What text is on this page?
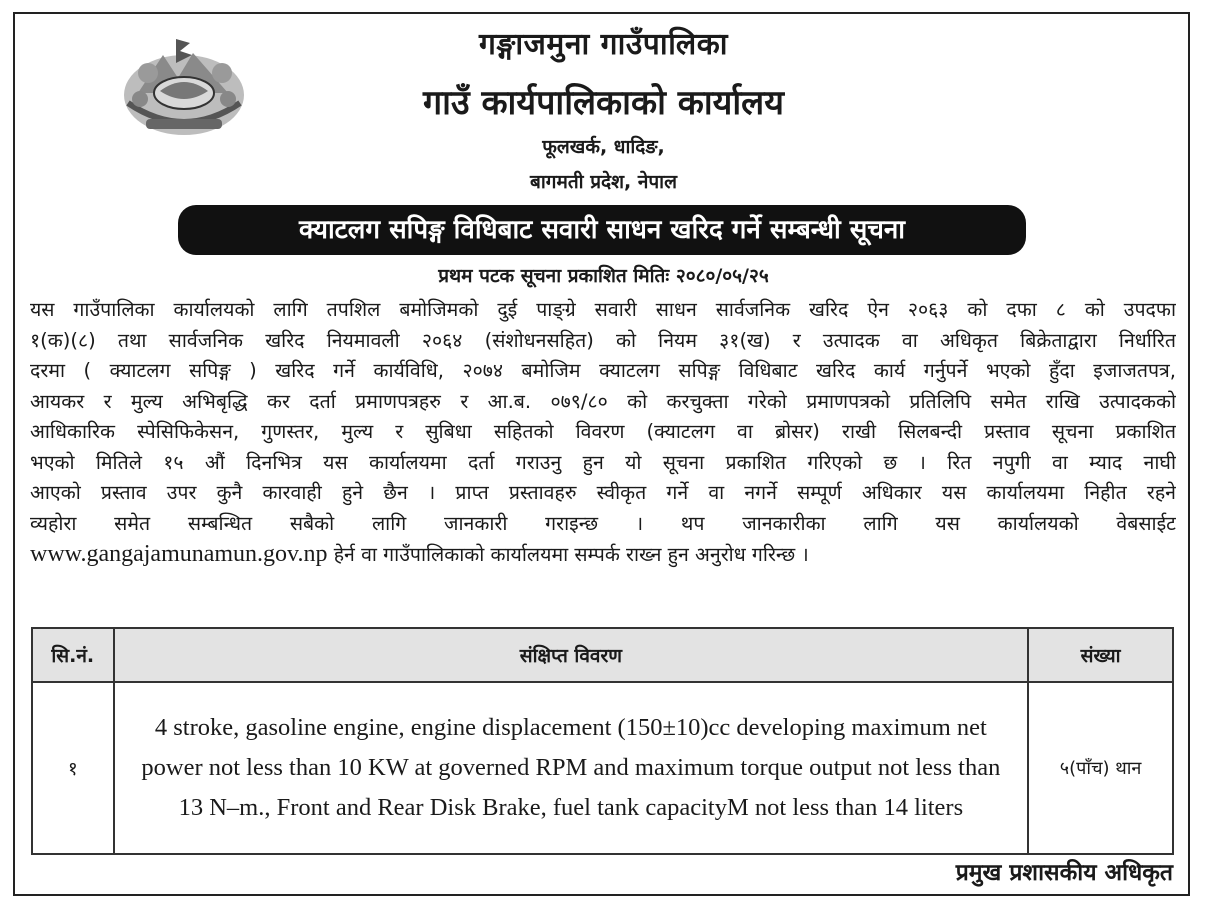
गङ्गाजमुना गाउँपालिका
गाउँ कार्यपालिकाको कार्यालय
फूलखर्क, धादिङ,
बागमती प्रदेश, नेपाल
क्याटलग सपिङ्ग विधिबाट सवारी साधन खरिद गर्ने सम्बन्धी सूचना
प्रथम पटक सूचना प्रकाशित मितिः २०८०/०५/२५
यस गाउँपालिका कार्यालयको लागि तपशिल बमोजिमको दुई पाङ्ग्रे सवारी साधन सार्वजनिक खरिद ऐन २०६३ को दफा ८ को उपदफा
१(क)(८) तथा सार्वजनिक खरिद नियमावली २०६४ (संशोधनसहित) को नियम ३१(ख) र उत्पादक वा अधिकृत बिक्रेताद्वारा निर्धारित
दरमा ( क्याटलग सपिङ्ग ) खरिद गर्ने कार्यविधि, २०७४ बमोजिम क्याटलग सपिङ्ग विधिबाट खरिद कार्य गर्नुपर्ने भएको हुँदा इजाजतपत्र,
आयकर र मुल्य अभिबृद्धि कर दर्ता प्रमाणपत्रहरु र आ.ब. ०७९/८० को करचुक्ता गरेको प्रमाणपत्रको प्रतिलिपि समेत राखि उत्पादकको
आधिकारिक स्पेसिफिकेसन, गुणस्तर, मुल्य र सुबिधा सहितको विवरण (क्याटलग वा ब्रोसर) राखी सिलबन्दी प्रस्ताव सूचना प्रकाशित
भएको मितिले १५ औं दिनभित्र यस कार्यालयमा दर्ता गराउनु हुन यो सूचना प्रकाशित गरिएको छ । रित नपुगी वा म्याद नाघी
आएको प्रस्ताव उपर कुनै कारवाही हुने छैन । प्राप्त प्रस्तावहरु स्वीकृत गर्ने वा नगर्ने सम्पूर्ण अधिकार यस कार्यालयमा निहीत रहने
व्यहोरा समेत सम्बन्धित सबैको लागि जानकारी गराइन्छ । थप जानकारीका लागि यस कार्यालयको वेबसाईट
www.gangajamunamun.gov.np हेर्न वा गाउँपालिकाको कार्यालयमा सम्पर्क राख्न हुन अनुरोध गरिन्छ ।
सि.नं.	संक्षिप्त विवरण	संख्या
१	4 stroke, gasoline engine, engine displacement (150±10)cc developing maximum net power not less than 10 KW at governed RPM and maximum torque output not less than 13 N–m., Front and Rear Disk Brake, fuel tank capacityM not less than 14 liters	५(पाँच) थान
प्रमुख प्रशासकीय अधिकृत
